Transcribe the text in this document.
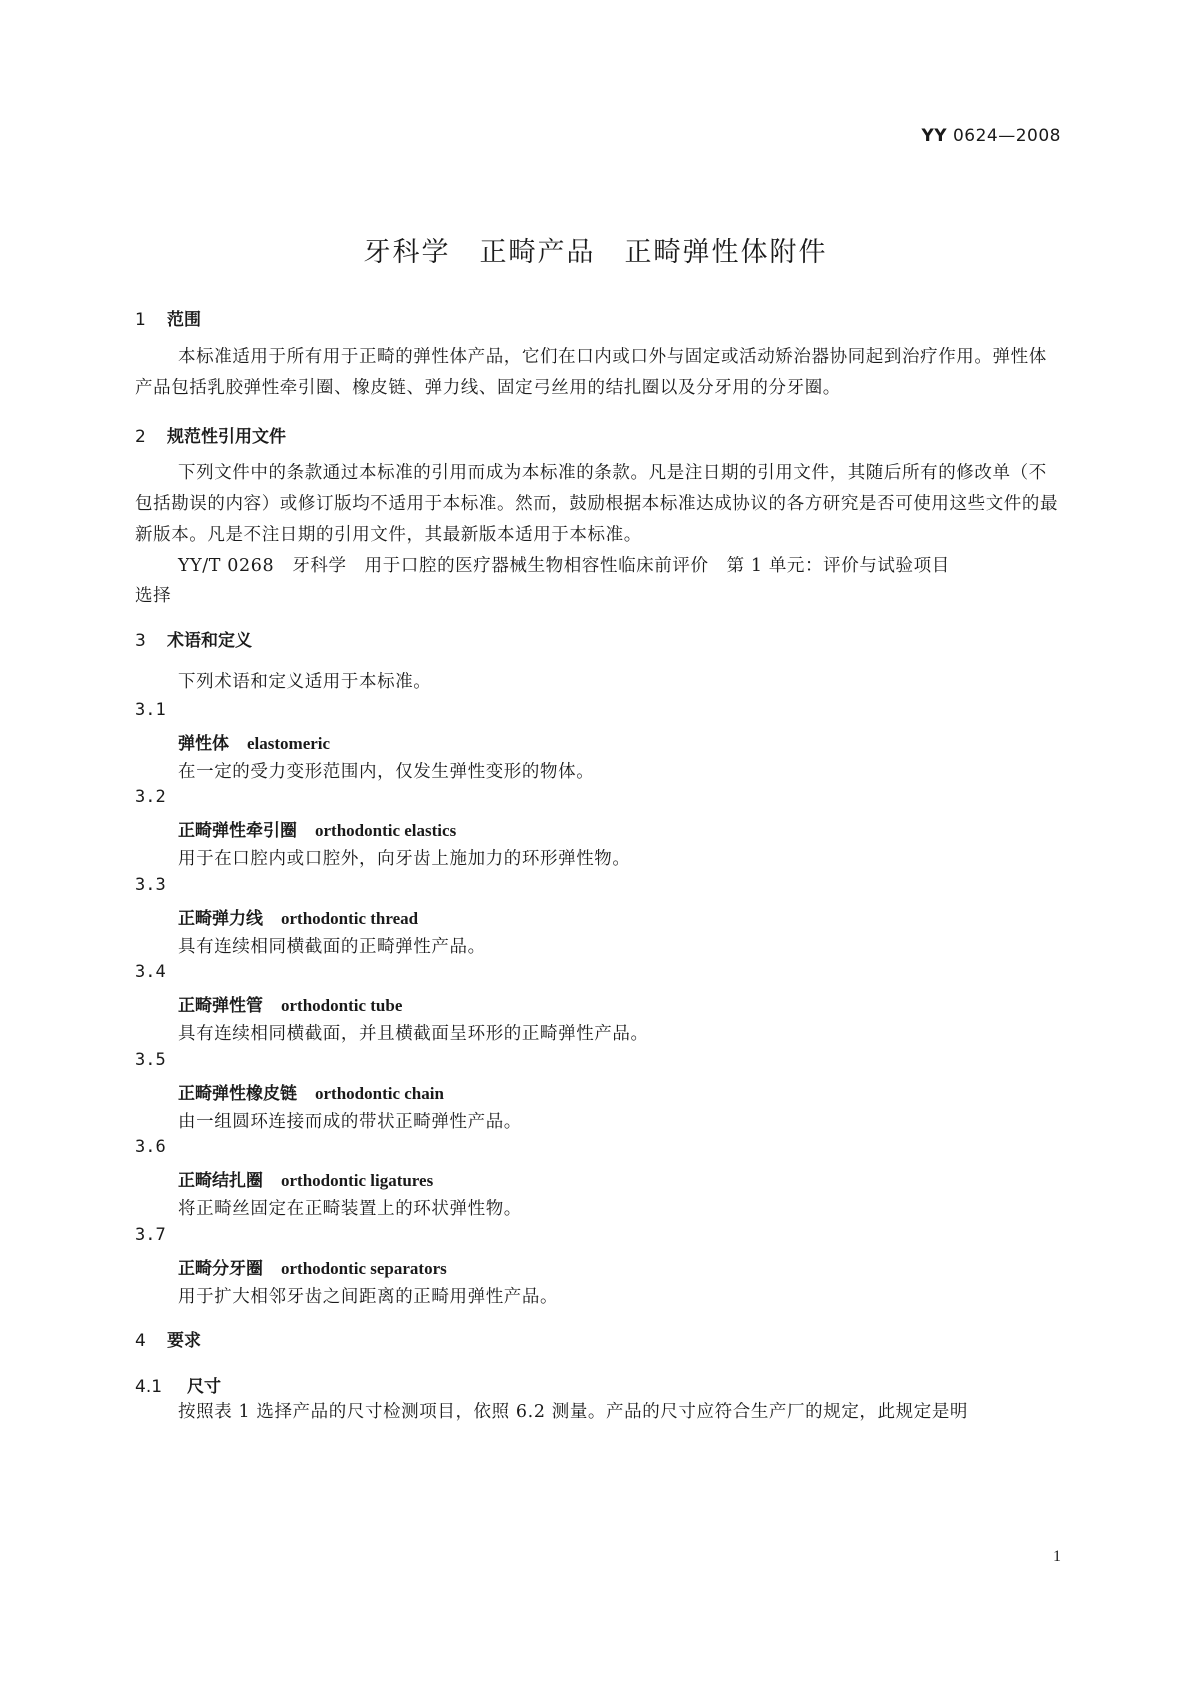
YY 0624—2008
牙科学　正畸产品　正畸弹性体附件
1 范围
本标准适用于所有用于正畸的弹性体产品，它们在口内或口外与固定或活动矫治器协同起到治疗作用。弹性体产品包括乳胶弹性牵引圈、橡皮链、弹力线、固定弓丝用的结扎圈以及分牙用的分牙圈。
2 规范性引用文件
下列文件中的条款通过本标准的引用而成为本标准的条款。凡是注日期的引用文件，其随后所有的修改单（不包括勘误的内容）或修订版均不适用于本标准。然而，鼓励根据本标准达成协议的各方研究是否可使用这些文件的最新版本。凡是不注日期的引用文件，其最新版本适用于本标准。
YY/T 0268　牙科学　用于口腔的医疗器械生物相容性临床前评价　第 1 单元：评价与试验项目
选择
3 术语和定义
下列术语和定义适用于本标准。
3.1
弹性体 elastomeric
在一定的受力变形范围内，仅发生弹性变形的物体。
3.2
正畸弹性牵引圈 orthodontic elastics
用于在口腔内或口腔外，向牙齿上施加力的环形弹性物。
3.3
正畸弹力线 orthodontic thread
具有连续相同横截面的正畸弹性产品。
3.4
正畸弹性管 orthodontic tube
具有连续相同横截面，并且横截面呈环形的正畸弹性产品。
3.5
正畸弹性橡皮链 orthodontic chain
由一组圆环连接而成的带状正畸弹性产品。
3.6
正畸结扎圈 orthodontic ligatures
将正畸丝固定在正畸装置上的环状弹性物。
3.7
正畸分牙圈 orthodontic separators
用于扩大相邻牙齿之间距离的正畸用弹性产品。
4 要求
4.1 尺寸
按照表 1 选择产品的尺寸检测项目，依照 6.2 测量。产品的尺寸应符合生产厂的规定，此规定是明
1
